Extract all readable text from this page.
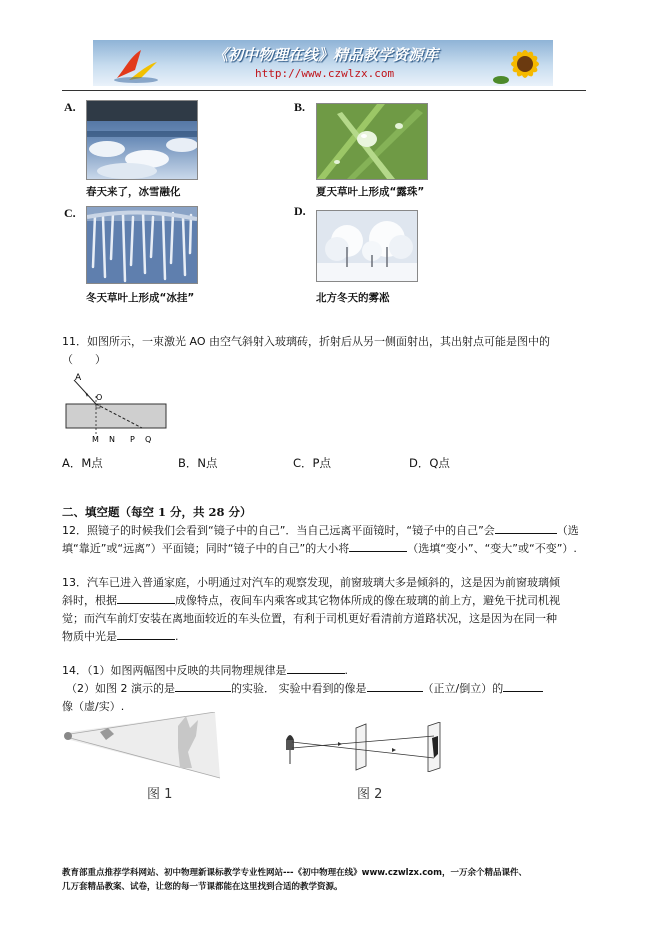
《初中物理在线》精品教学资源库
http://www.czwlzx.com
A.
春天来了，冰雪融化
B.
夏天草叶上形成“露珠”
C.
冬天草叶上形成“冰挂”
D.
北方冬天的雾凇
11．如图所示，一束激光 AO 由空气斜射入玻璃砖，折射后从另一侧面射出，其出射点可能是图中的
（　　）
A
O
M N P Q
A．M点	B．N点	C．P点	D．Q点
二、填空题（每空 1 分，共 28 分）
12．照镜子的时候我们会看到“镜子中的自己”．当自己远离平面镜时，“镜子中的自己”会	（选
填“靠近”或“远离”）平面镜；同时“镜子中的自己”的大小将	（选填“变小”、“变大”或“不变”）.
13．汽车已进入普通家庭，小明通过对汽车的观察发现，前窗玻璃大多是倾斜的，这是因为前窗玻璃倾
斜时，根据	成像特点，夜间车内乘客或其它物体所成的像在玻璃的前上方，避免干扰司机视
觉；而汽车前灯安装在离地面较近的车头位置，有利于司机更好看清前方道路状况，这是因为在同一种
物质中光是	.
14．（1）如图两幅图中反映的共同物理规律是	.
（2）如图 2 演示的是	的实验． 实验中看到的像是	（正立/倒立）的
像（虚/实）.
图 1	图 2
教育部重点推荐学科网站、初中物理新课标教学专业性网站---《初中物理在线》www.czwlzx.com，一万余个精品课件、
几万套精品教案、试卷，让您的每一节课都能在这里找到合适的教学资源。
